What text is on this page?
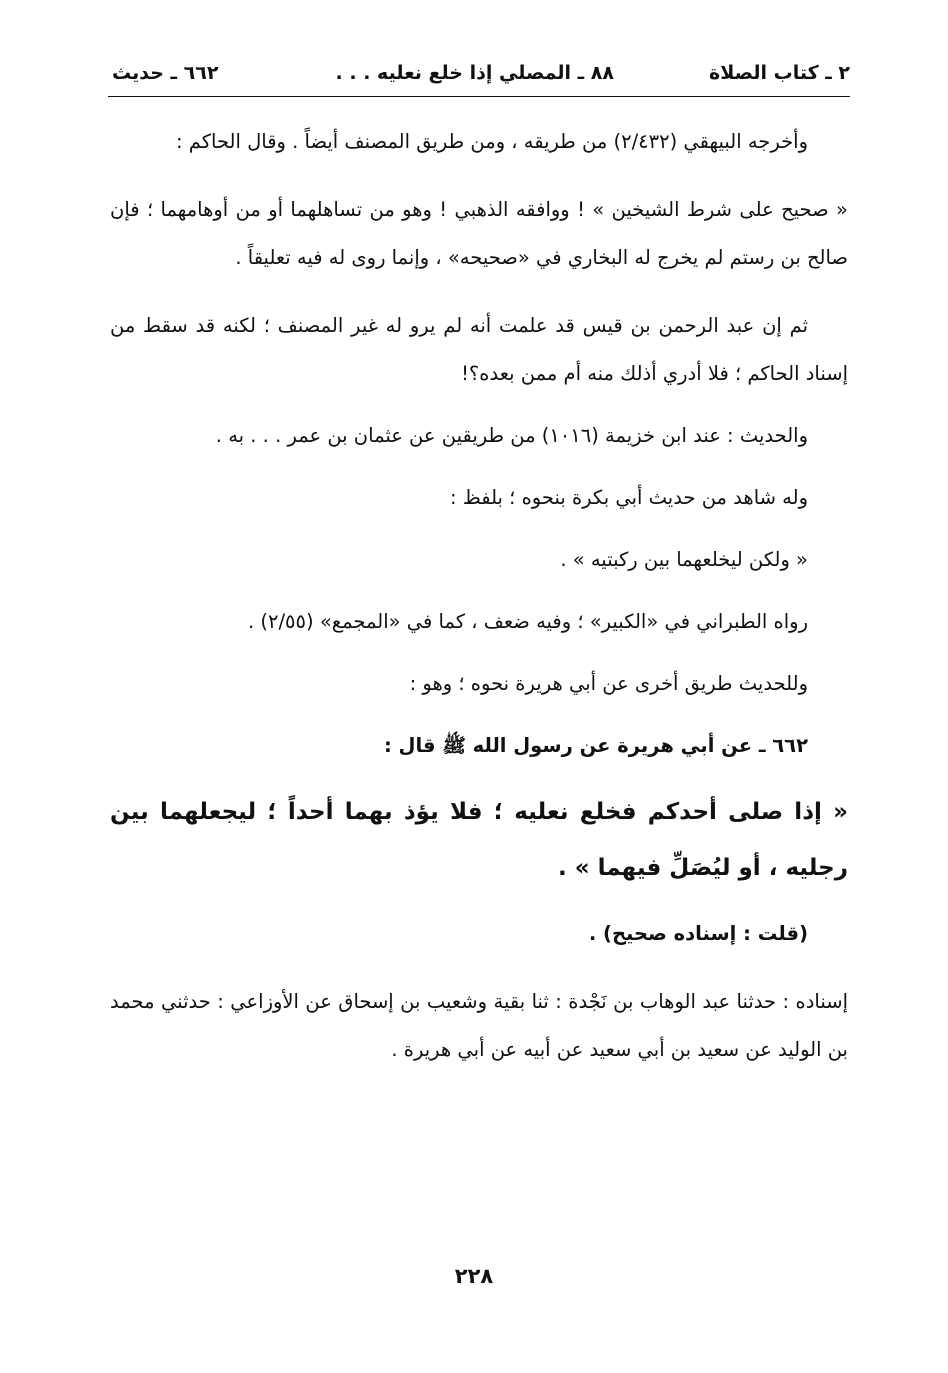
٢ ـ كتاب الصلاة
٨٨ ـ المصلي إذا خلع نعليه . . .
٦٦٢ ـ حديث

وأخرجه البيهقي (٢/٤٣٢) من طريقه ، ومن طريق المصنف أيضاً . وقال الحاكم :

« صحيح على شرط الشيخين » ! ووافقه الذهبي ! وهو من تساهلهما أو من أوهامهما ؛ فإن صالح بن رستم لم يخرج له البخاري في «صحيحه» ، وإنما روى له فيه تعليقاً .

ثم إن عبد الرحمن بن قيس قد علمت أنه لم يرو له غير المصنف ؛ لكنه قد سقط من إسناد الحاكم ؛ فلا أدري أذلك منه أم ممن بعده؟!

والحديث : عند ابن خزيمة (١٠١٦) من طريقين عن عثمان بن عمر . . . به .

وله شاهد من حديث أبي بكرة بنحوه ؛ بلفظ :

« ولكن ليخلعهما بين ركبتيه » .

رواه الطبراني في «الكبير» ؛ وفيه ضعف ، كما في «المجمع» (٢/٥٥) .

وللحديث طريق أخرى عن أبي هريرة نحوه ؛ وهو :

٦٦٢ ـ عن أبي هريرة عن رسول الله ﷺ قال :

« إذا صلى أحدكم فخلع نعليه ؛ فلا يؤذ بهما أحداً ؛ ليجعلهما بين رجليه ، أو ليُصَلِّ فيهما » .

(قلت : إسناده صحيح) .

إسناده : حدثنا عبد الوهاب بن نَجْدة : ثنا بقية وشعيب بن إسحاق عن الأوزاعي : حدثني محمد بن الوليد عن سعيد بن أبي سعيد عن أبيه عن أبي هريرة .

٢٢٨
